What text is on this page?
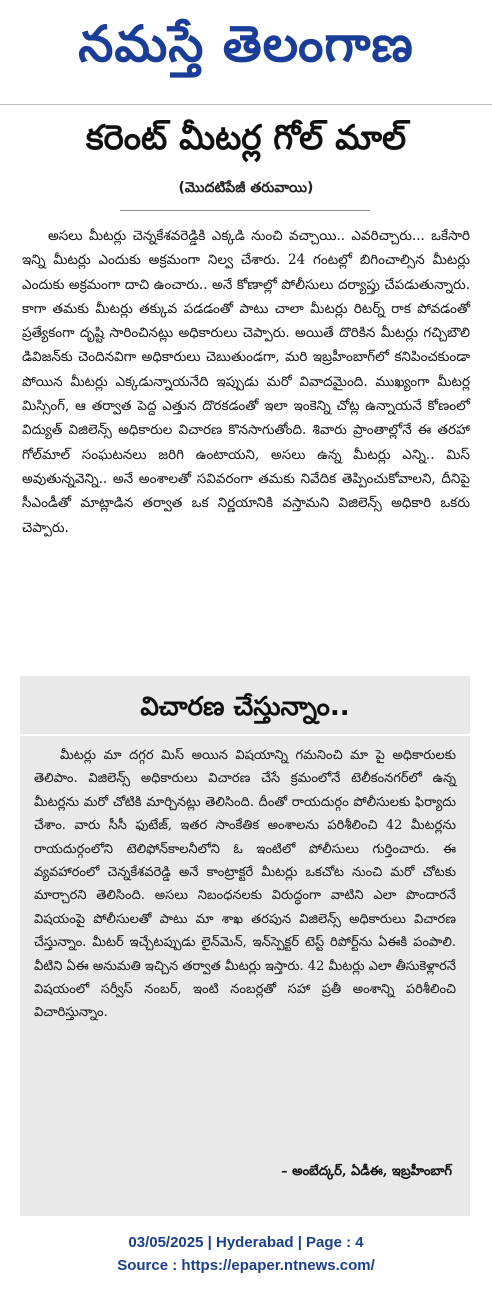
నమస్తే తెలంగాణ
కరెంట్ మీటర్ల గోల్ మాల్
(మొదటిపేజీ తరువాయి)

అసలు మీటర్లు చెన్నకేశవరెడ్డికి ఎక్కడి నుంచి వచ్చాయి.. ఎవరిచ్చారు... ఒకేసారి ఇన్ని మీటర్లు ఎందుకు అక్రమంగా నిల్వ చేశారు. 24 గంటల్లో బిగించాల్సిన మీటర్లు ఎందుకు అక్రమంగా దాచి ఉంచారు.. అనే కోణాల్లో పోలీసులు దర్యాప్తు చేపడుతున్నారు. కాగా తమకు మీటర్లు తక్కువ పడడంతో పాటు చాలా మీటర్లు రిటర్న్ రాక పోవడంతో ప్రత్యేకంగా దృష్టి సారించినట్లు అధికారులు చెప్పారు. అయితే దొరికిన మీటర్లు గచ్చిబౌలి డివిజన్‌కు చెందినవిగా అధికారులు చెబుతుండగా, మరి ఇబ్రహీంబాగ్‌లో కనిపించకుండా పోయిన మీటర్లు ఎక్కడున్నాయనేది ఇప్పుడు మరో వివాదమైంది. ముఖ్యంగా మీటర్ల మిస్సింగ్, ఆ తర్వాత పెద్ద ఎత్తున దొరకడంతో ఇలా ఇంకెన్ని చోట్ల ఉన్నాయనే కోణంలో విద్యుత్ విజిలెన్స్ అధికారుల విచారణ కొనసాగుతోంది. శివారు ప్రాంతాల్లోనే ఈ తరహా గోల్‌మాల్ సంఘటనలు జరిగి ఉంటాయని, అసలు ఉన్న మీటర్లు ఎన్ని.. మిస్ అవుతున్నవెన్ని.. అనే అంశాలతో సవివరంగా తమకు నివేదిక తెప్పించుకోవాలని, దీనిపై సీఎండీతో మాట్లాడిన తర్వాత ఒక నిర్ణయానికి వస్తామని విజిలెన్స్ అధికారి ఒకరు చెప్పారు.

విచారణ చేస్తున్నాం..

మీటర్లు మా దగ్గర మిస్ అయిన విషయాన్ని గమనించి మా పై అధికారులకు తెలిపాం. విజిలెన్స్ అధికారులు విచారణ చేసే క్రమంలోనే టెలీకంనగర్‌లో ఉన్న మీటర్లను మరో చోటికి మార్చినట్లు తెలిసింది. దీంతో రాయదుర్గం పోలీసులకు ఫిర్యాదు చేశాం. వారు సీసీ ఫుటేజ్, ఇతర సాంకేతిక అంశాలను పరిశీలించి 42 మీటర్లను రాయదుర్గంలోని టెలిఫోన్‌కాలనీలోని ఓ ఇంటిలో పోలీసులు గుర్తించారు. ఈ వ్యవహారంలో చెన్నకేశవరెడ్డి అనే కాంట్రాక్టరే మీటర్లు ఒకచోట నుంచి మరో చోటకు మార్చారని తెలిసింది. అసలు నిబంధనలకు విరుద్ధంగా వాటిని ఎలా పొందారనే విషయంపై పోలీసులతో పాటు మా శాఖ తరపున విజిలెన్స్ అధికారులు విచారణ చేస్తున్నాం. మీటర్ ఇచ్చేటప్పుడు లైన్‌మెన్, ఇన్‌స్పెక్టర్ టెస్ట్ రిపోర్ట్‌ను ఏఈకి పంపాలి. వీటిని ఏఈ అనుమతి ఇచ్చిన తర్వాత మీటర్లు ఇస్తారు. 42 మీటర్లు ఎలా తీసుకెళ్లారనే విషయంలో సర్వీస్ నంబర్, ఇంటి నంబర్లతో సహా ప్రతీ అంశాన్ని పరిశీలించి విచారిస్తున్నాం.

– అంబేద్కర్, ఏడీఈ, ఇబ్రహీంబాగ్
03/05/2025 | Hyderabad | Page : 4
Source : https://epaper.ntnews.com/
